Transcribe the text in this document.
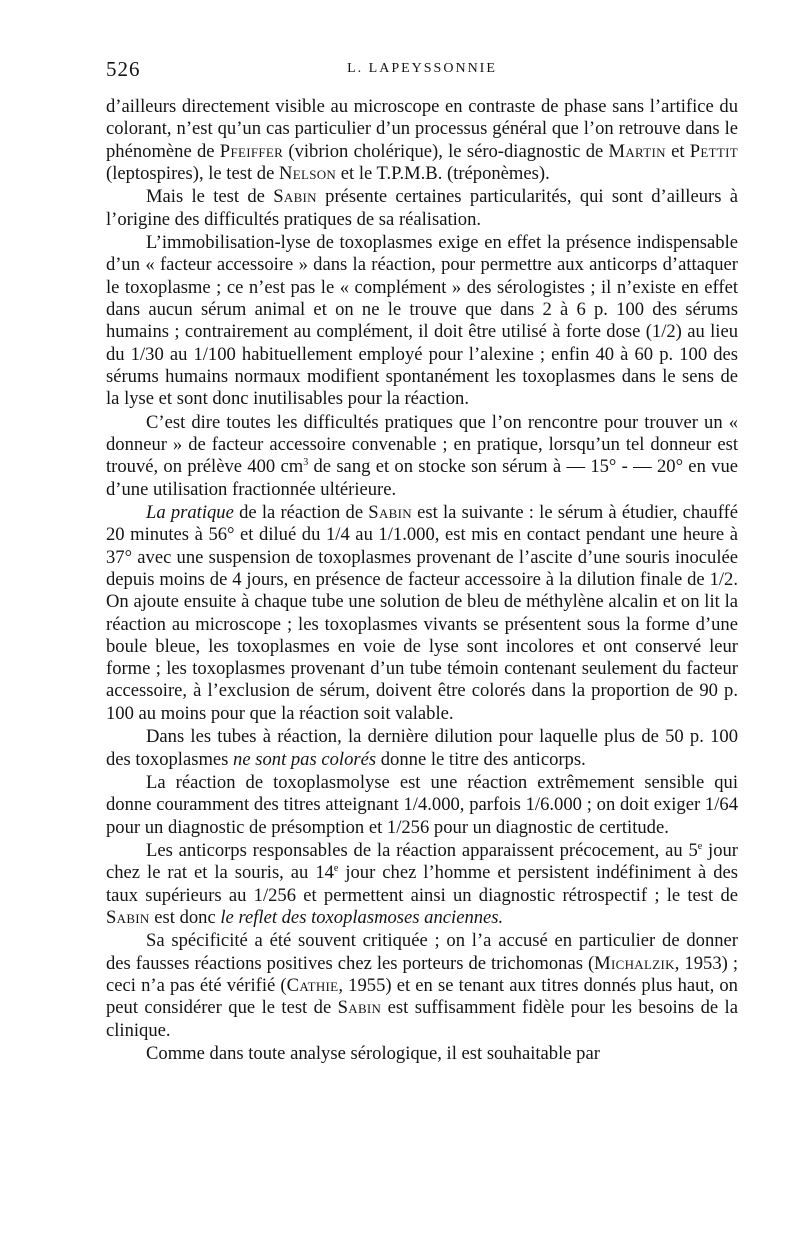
526	L. LAPEYSSONNIE

d’ailleurs directement visible au microscope en contraste de phase sans l’artifice du colorant, n’est qu’un cas particulier d’un processus général que l’on retrouve dans le phénomène de Pfeiffer (vibrion cholérique), le séro-diagnostic de Martin et Pettit (leptospires), le test de Nelson et le T.P.M.B. (tréponèmes).

Mais le test de Sabin présente certaines particularités, qui sont d’ailleurs à l’origine des difficultés pratiques de sa réalisation.

L’immobilisation-lyse de toxoplasmes exige en effet la présence indispensable d’un « facteur accessoire » dans la réaction, pour permettre aux anticorps d’attaquer le toxoplasme ; ce n’est pas le « complément » des sérologistes ; il n’existe en effet dans aucun sérum animal et on ne le trouve que dans 2 à 6 p. 100 des sérums humains ; contrairement au complément, il doit être utilisé à forte dose (1/2) au lieu du 1/30 au 1/100 habituellement employé pour l’alexine ; enfin 40 à 60 p. 100 des sérums humains normaux modifient spontanément les toxoplasmes dans le sens de la lyse et sont donc inutilisables pour la réaction.

C’est dire toutes les difficultés pratiques que l’on rencontre pour trouver un « donneur » de facteur accessoire convenable ; en pratique, lorsqu’un tel donneur est trouvé, on prélève 400 $cm^3$ de sang et on stocke son sérum à — 15° - — 20° en vue d’une utilisation fractionnée ultérieure.

La pratique de la réaction de Sabin est la suivante : le sérum à étudier, chauffé 20 minutes à 56° et dilué du 1/4 au 1/1.000, est mis en contact pendant une heure à 37° avec une suspension de toxoplasmes provenant de l’ascite d’une souris inoculée depuis moins de 4 jours, en présence de facteur accessoire à la dilution finale de 1/2. On ajoute ensuite à chaque tube une solution de bleu de méthylène alcalin et on lit la réaction au microscope ; les toxoplasmes vivants se présentent sous la forme d’une boule bleue, les toxoplasmes en voie de lyse sont incolores et ont conservé leur forme ; les toxoplasmes provenant d’un tube témoin contenant seulement du facteur accessoire, à l’exclusion de sérum, doivent être colorés dans la proportion de 90 p. 100 au moins pour que la réaction soit valable.

Dans les tubes à réaction, la dernière dilution pour laquelle plus de 50 p. 100 des toxoplasmes ne sont pas colorés donne le titre des anticorps.

La réaction de toxoplasmolyse est une réaction extrêmement sensible qui donne couramment des titres atteignant 1/4.000, parfois 1/6.000 ; on doit exiger 1/64 pour un diagnostic de présomption et 1/256 pour un diagnostic de certitude.

Les anticorps responsables de la réaction apparaissent précocement, au 5e jour chez le rat et la souris, au 14e jour chez l’homme et persistent indéfiniment à des taux supérieurs au 1/256 et permettent ainsi un diagnostic rétrospectif ; le test de Sabin est donc le reflet des toxoplasmoses anciennes.

Sa spécificité a été souvent critiquée ; on l’a accusé en particulier de donner des fausses réactions positives chez les porteurs de trichomonas (Michalzik, 1953) ; ceci n’a pas été vérifié (Cathie, 1955) et en se tenant aux titres donnés plus haut, on peut considérer que le test de Sabin est suffisamment fidèle pour les besoins de la clinique.

Comme dans toute analyse sérologique, il est souhaitable par
